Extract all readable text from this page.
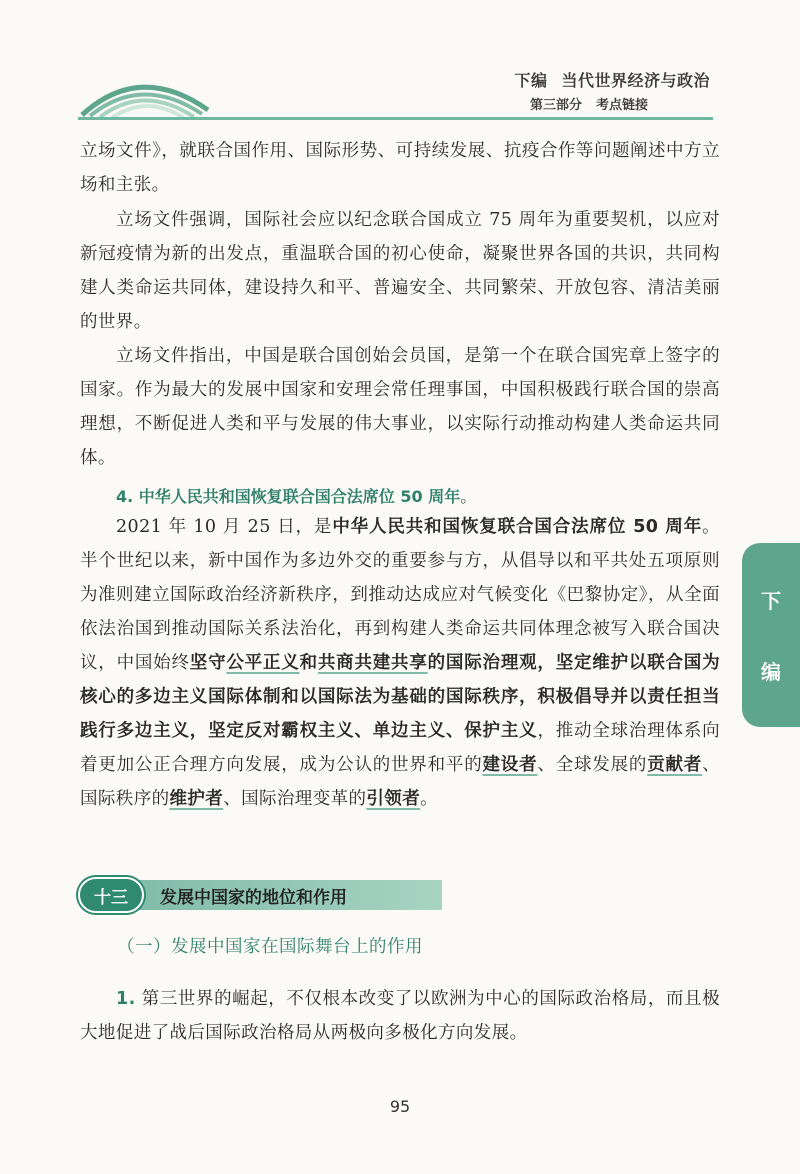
下编 当代世界经济与政治
第三部分 考点链接
立场文件》，就联合国作用、国际形势、可持续发展、抗疫合作等问题阐述中方立场和主张。
立场文件强调，国际社会应以纪念联合国成立 75 周年为重要契机，以应对新冠疫情为新的出发点，重温联合国的初心使命，凝聚世界各国的共识，共同构建人类命运共同体，建设持久和平、普遍安全、共同繁荣、开放包容、清洁美丽的世界。
立场文件指出，中国是联合国创始会员国，是第一个在联合国宪章上签字的国家。作为最大的发展中国家和安理会常任理事国，中国积极践行联合国的崇高理想，不断促进人类和平与发展的伟大事业，以实际行动推动构建人类命运共同体。
4. 中华人民共和国恢复联合国合法席位 50 周年。
2021 年 10 月 25 日，是中华人民共和国恢复联合国合法席位 50 周年。半个世纪以来，新中国作为多边外交的重要参与方，从倡导以和平共处五项原则为准则建立国际政治经济新秩序，到推动达成应对气候变化《巴黎协定》，从全面依法治国到推动国际关系法治化，再到构建人类命运共同体理念被写入联合国决议，中国始终坚守公平正义和共商共建共享的国际治理观，坚定维护以联合国为核心的多边主义国际体制和以国际法为基础的国际秩序，积极倡导并以责任担当践行多边主义，坚定反对霸权主义、单边主义、保护主义，推动全球治理体系向着更加公正合理方向发展，成为公认的世界和平的建设者、全球发展的贡献者、国际秩序的维护者、国际治理变革的引领者。
下
编
十三	发展中国家的地位和作用
（一）发展中国家在国际舞台上的作用
1. 第三世界的崛起，不仅根本改变了以欧洲为中心的国际政治格局，而且极大地促进了战后国际政治格局从两极向多极化方向发展。
95
